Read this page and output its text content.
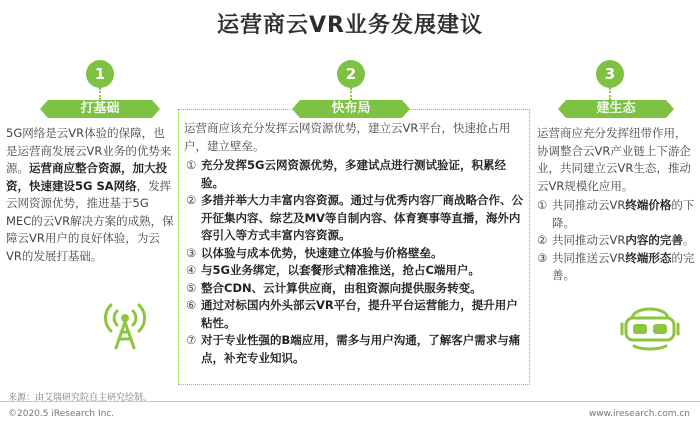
运营商云VR业务发展建议
1
打基础
2
快布局
3
建生态
5G网络是云VR体验的保障，也是运营商发展云VR业务的优势来源。运营商应整合资源，加大投资，快速建设5G SA网络，发挥云网资源优势，推进基于5G MEC的云VR解决方案的成熟，保障云VR用户的良好体验，为云VR的发展打基础。
运营商应该充分发挥云网资源优势，建立云VR平台，快速抢占用户，建立壁垒。
① 充分发挥5G云网资源优势，多建试点进行测试验证，积累经验。
② 多措并举大力丰富内容资源。通过与优秀内容厂商战略合作、公开征集内容、综艺及MV等自制内容、体育赛事等直播，海外内容引入等方式丰富内容资源。
③ 以体验与成本优势，快速建立体验与价格壁垒。
④ 与5G业务绑定，以套餐形式精准推送，抢占C端用户。
⑤ 整合CDN、云计算供应商，由租资源向提供服务转变。
⑥ 通过对标国内外头部云VR平台，提升平台运营能力，提升用户粘性。
⑦ 对于专业性强的B端应用，需多与用户沟通，了解客户需求与痛点，补充专业知识。
运营商应充分发挥纽带作用，协调整合云VR产业链上下游企业，共同建立云VR生态，推动云VR规模化应用。
① 共同推动云VR终端价格的下降。
② 共同推动云VR内容的完善。
③ 共同推送云VR终端形态的完善。
来源：由艾瑞研究院自主研究绘制。
©2020.5 iResearch Inc.	www.iresearch.com.cn
